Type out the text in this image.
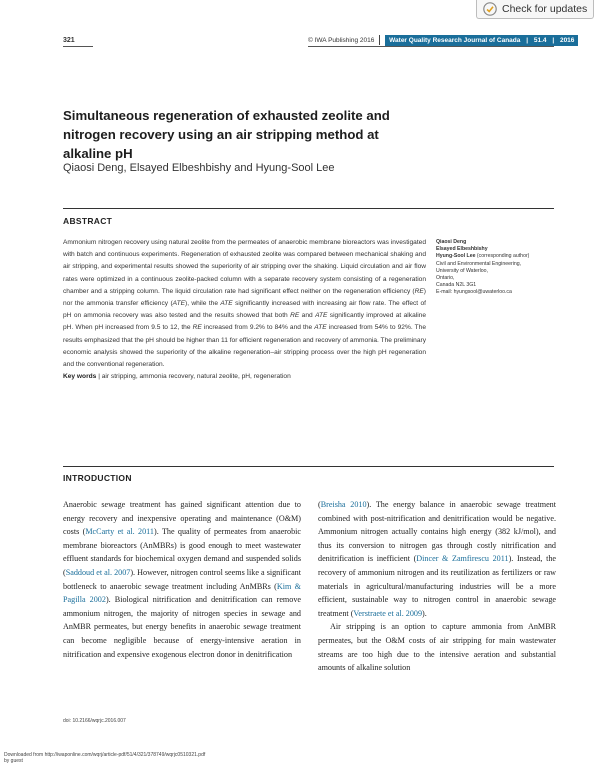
Check for updates
321	© IWA Publishing 2016	Water Quality Research Journal of Canada | 51.4 | 2016
Simultaneous regeneration of exhausted zeolite and nitrogen recovery using an air stripping method at alkaline pH
Qiaosi Deng, Elsayed Elbeshbishy and Hyung-Sool Lee
ABSTRACT

Ammonium nitrogen recovery using natural zeolite from the permeates of anaerobic membrane bioreactors was investigated with batch and continuous experiments. Regeneration of exhausted zeolite was compared between mechanical shaking and air stripping, and experimental results showed the superiority of air stripping over the shaking. Liquid circulation and air flow rates were optimized in a continuous zeolite-packed column with a separate recovery system consisting of a regeneration chamber and a stripping column. The liquid circulation rate had significant effect neither on the regeneration efficiency (RE) nor the ammonia transfer efficiency (ATE), while the ATE significantly increased with increasing air flow rate. The effect of pH on ammonia recovery was also tested and the results showed that both RE and ATE significantly improved at alkaline pH. When pH increased from 9.5 to 12, the RE increased from 9.2% to 84% and the ATE increased from 54% to 92%. The results emphasized that the pH should be higher than 11 for efficient regeneration and recovery of ammonia. The preliminary economic analysis showed the superiority of the alkaline regeneration–air stripping process over the high pH regeneration and the conventional regeneration.

Key words | air stripping, ammonia recovery, natural zeolite, pH, regeneration

Qiaosi Deng
Elsayed Elbeshbishy
Hyung-Sool Lee (corresponding author)
Civil and Environmental Engineering,
University of Waterloo,
Ontario,
Canada N2L 3G1
E-mail: hyungsool@uwaterloo.ca
INTRODUCTION

Anaerobic sewage treatment has gained significant attention due to energy recovery and inexpensive operating and maintenance (O&M) costs (McCarty et al. 2011). The quality of permeates from anaerobic membrane bioreactors (AnMBRs) is good enough to meet wastewater effluent standards for biochemical oxygen demand and suspended solids (Saddoud et al. 2007). However, nitrogen control seems like a significant bottleneck to anaerobic sewage treatment including AnMBRs (Kim & Pagilla 2002). Biological nitrification and denitrification can remove ammonium nitrogen, the majority of nitrogen species in sewage and AnMBR permeates, but energy benefits in anaerobic sewage treatment can become negligible because of energy-intensive aeration in nitrification and expensive exogenous electron donor in denitrification

(Breisha 2010). The energy balance in anaerobic sewage treatment combined with post-nitrification and denitrification would be negative. Ammonium nitrogen actually contains high energy (382 kJ/mol), and thus its conversion to nitrogen gas through costly nitrification and denitrification is inefficient (Dincer & Zamfirescu 2011). Instead, the recovery of ammonium nitrogen and its reutilization as fertilizers or raw materials in agricultural/manufacturing industries will be a more efficient, sustainable way to nitrogen control in anaerobic sewage treatment (Verstraete et al. 2009).

Air stripping is an option to capture ammonia from AnMBR permeates, but the O&M costs of air stripping for main wastewater streams are too high due to the intensive aeration and substantial amounts of alkaline solution

doi: 10.2166/wqrjc.2016.007
Downloaded from http://iwaponline.com/wqrj/article-pdf/51/4/321/378749/wqrjc0510321.pdf
by guest
